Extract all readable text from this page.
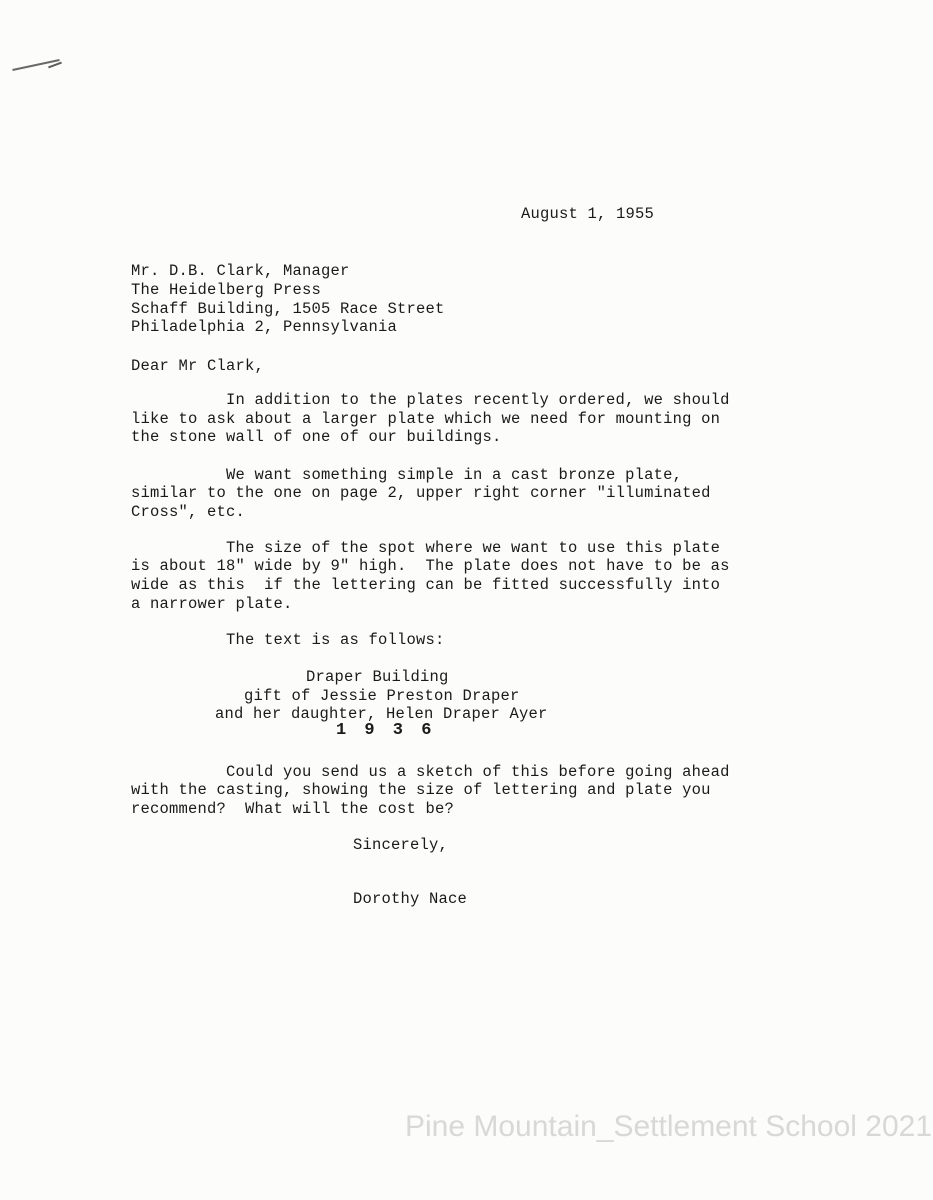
August 1, 1955
Mr. D.B. Clark, Manager
The Heidelberg Press
Schaff Building, 1505 Race Street
Philadelphia 2, Pennsylvania
Dear Mr Clark,
In addition to the plates recently ordered, we should
like to ask about a larger plate which we need for mounting on
the stone wall of one of our buildings.
We want something simple in a cast bronze plate,
similar to the one on page 2, upper right corner "illuminated
Cross", etc.
The size of the spot where we want to use this plate
is about 18" wide by 9" high.  The plate does not have to be as
wide as this  if the lettering can be fitted successfully into
a narrower plate.
The text is as follows:
Draper Building
gift of Jessie Preston Draper
and her daughter, Helen Draper Ayer
1 9 3 6
Could you send us a sketch of this before going ahead
with the casting, showing the size of lettering and plate you
recommend?  What will the cost be?
Sincerely,
Dorothy Nace
Pine Mountain_Settlement School 2021
